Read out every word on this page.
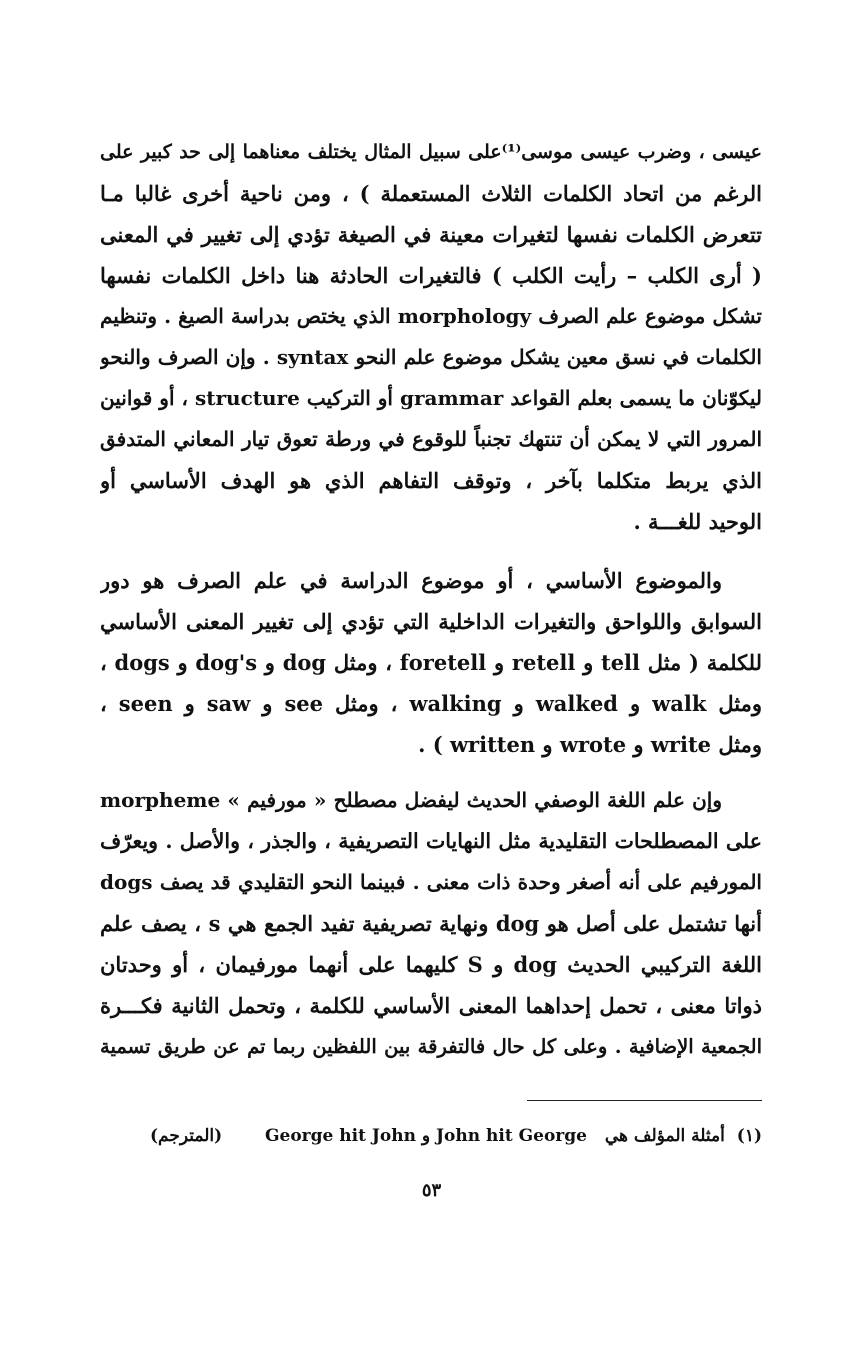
عيسى ، وضرب عيسى موسى⁽¹⁾على سبيل المثال يختلف معناهما إلى حد كبير على
الرغم من اتحاد الكلمات الثلاث المستعملة ) ، ومن ناحية أخرى غالبا مـا
تتعرض الكلمات نفسها لتغيرات معينة في الصيغة تؤدي إلى تغيير في المعنى
( أرى الكلب – رأيت الكلب ) فالتغيرات الحادثة هنا داخل الكلمات نفسها
تشكل موضوع علم الصرف morphology الذي يختص بدراسة الصيغ . وتنظيم
الكلمات في نسق معين يشكل موضوع علم النحو syntax . وإن الصرف والنحو
ليكوّنان ما يسمى بعلم القواعد grammar أو التركيب structure ، أو قوانين
المرور التي لا يمكن أن تنتهك تجنباً للوقوع في ورطة تعوق تيار المعاني المتدفق
الذي يربط متكلما بآخر ، وتوقف التفاهم الذي هو الهدف الأساسي أو
الوحيد للغـــة .
والموضوع الأساسي ، أو موضوع الدراسة في علم الصرف هو دور
السوابق واللواحق والتغيرات الداخلية التي تؤدي إلى تغيير المعنى الأساسي
للكلمة ( مثل tell و retell و foretell ، ومثل dog و dog's و dogs ،
ومثل walk و walked و walking ، ومثل see و saw و seen ،
ومثل write و wrote و written ) .
وإن علم اللغة الوصفي الحديث ليفضل مصطلح « مورفيم » morpheme
على المصطلحات التقليدية مثل النهايات التصريفية ، والجذر ، والأصل . ويعرّف
المورفيم على أنه أصغر وحدة ذات معنى . فبينما النحو التقليدي قد يصف dogs
أنها تشتمل على أصل هو dog ونهاية تصريفية تفيد الجمع هي s ، يصف علم
اللغة التركيبي الحديث dog و S كليهما على أنهما مورفيمان ، أو وحدتان
ذواتا معنى ، تحمل إحداهما المعنى الأساسي للكلمة ، وتحمل الثانية فكـــرة
الجمعية الإضافية . وعلى كل حال فالتفرقة بين اللفظين ربما تم عن طريق تسمية
(١) أمثلة المؤلف هي John hit George و George hit John
(المترجم)
٥٣
